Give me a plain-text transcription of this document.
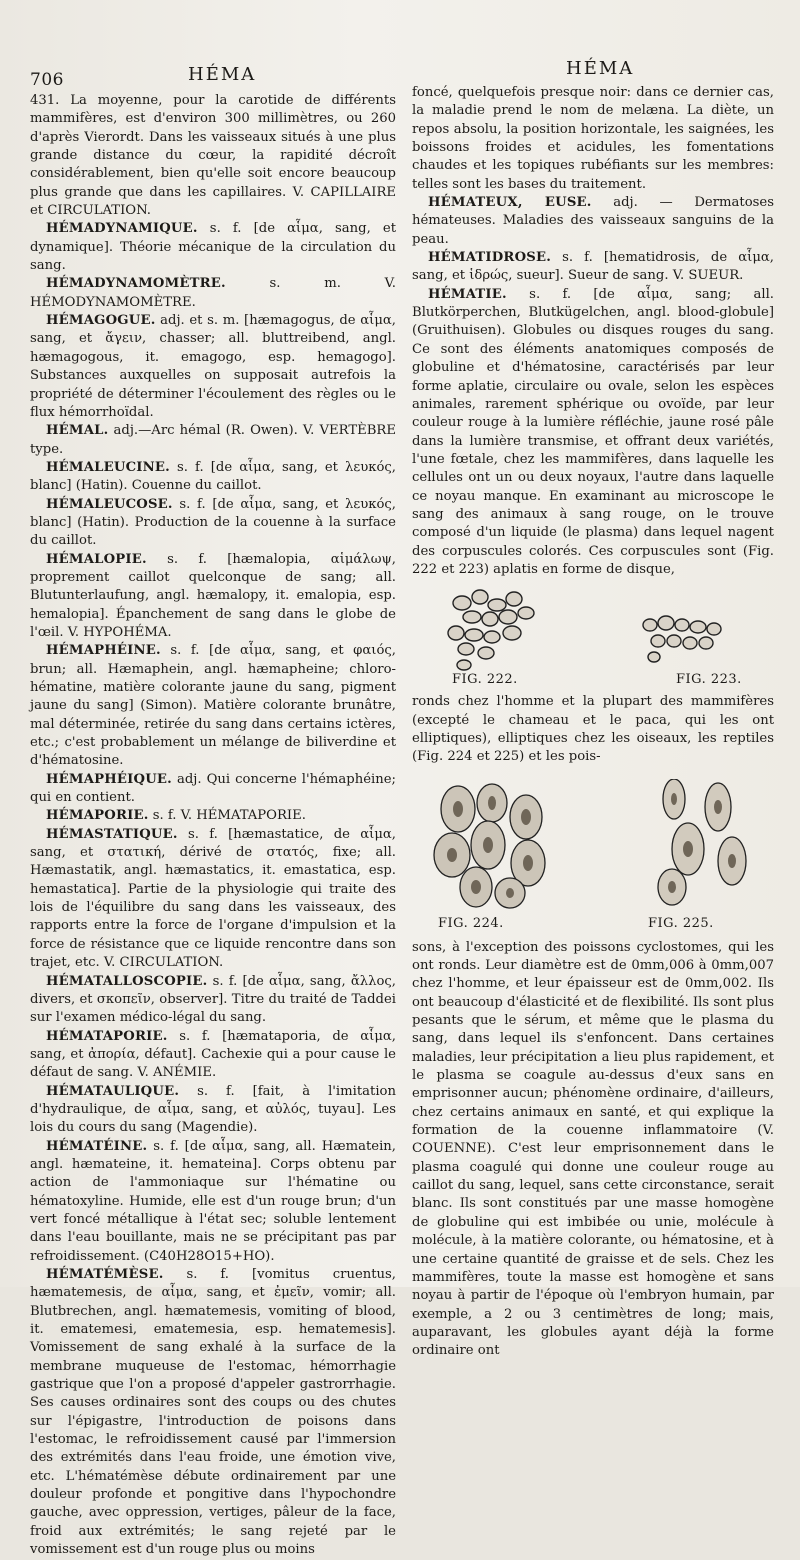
706	HÉMA	HÉMA

431. La moyenne, pour la carotide de différents mammifères, est d'environ 300 millimètres, ou 260 d'après Vierordt. Dans les vaisseaux situés à une plus grande distance du cœur, la rapidité décroît considérablement, bien qu'elle soit encore beaucoup plus grande que dans les capillaires. V. CAPILLAIRE et CIRCULATION.

HÉMADYNAMIQUE. s. f. [de αἷμα, sang, et dynamique]. Théorie mécanique de la circulation du sang.

HÉMADYNAMOMÈTRE. s. m. V. HÉMODYNAMOMÈTRE.

HÉMAGOGUE. adj. et s. m. [hæmagogus, de αἷμα, sang, et ἄγειν, chasser; all. bluttreibend, angl. hæmagogous, it. emagogo, esp. hemagogo]. Substances auxquelles on supposait autrefois la propriété de déterminer l'écoulement des règles ou le flux hémorrhoïdal.

HÉMAL. adj.—Arc hémal (R. Owen). V. VERTÈBRE type.

HÉMALEUCINE. s. f. [de αἷμα, sang, et λευκός, blanc] (Hatin). Couenne du caillot.

HÉMALEUCOSE. s. f. [de αἷμα, sang, et λευκός, blanc] (Hatin). Production de la couenne à la surface du caillot.

HÉMALOPIE. s. f. [hæmalopia, αἱμάλωψ, proprement caillot quelconque de sang; all. Blutunterlaufung, angl. hæmalopy, it. emalopia, esp. hemalopia]. Épanchement de sang dans le globe de l'œil. V. HYPOHÉMA.

HÉMAPHÉINE. s. f. [de αἷμα, sang, et φαιός, brun; all. Hæmaphein, angl. hæmapheine; chloro-hématine, matière colorante jaune du sang, pigment jaune du sang] (Simon). Matière colorante brunâtre, mal déterminée, retirée du sang dans certains ictères, etc.; c'est probablement un mélange de biliverdine et d'hématosine.

HÉMAPHÉIQUE. adj. Qui concerne l'hémaphéine; qui en contient.

HÉMAPORIE. s. f. V. HÉMATAPORIE.

HÉMASTATIQUE. s. f. [hæmastatice, de αἷμα, sang, et στατική, dérivé de στατός, fixe; all. Hæmastatik, angl. hæmastatics, it. emastatica, esp. hemastatica]. Partie de la physiologie qui traite des lois de l'équilibre du sang dans les vaisseaux, des rapports entre la force de l'organe d'impulsion et la force de résistance que ce liquide rencontre dans son trajet, etc. V. CIRCULATION.

HÉMATALLOSCOPIE. s. f. [de αἷμα, sang, ἄλλος, divers, et σκοπεῖν, observer]. Titre du traité de Taddei sur l'examen médico-légal du sang.

HÉMATAPORIE. s. f. [hæmataporia, de αἷμα, sang, et ἀπορία, défaut]. Cachexie qui a pour cause le défaut de sang. V. ANÉMIE.

HÉMATAULIQUE. s. f. [fait, à l'imitation d'hydraulique, de αἷμα, sang, et αὐλός, tuyau]. Les lois du cours du sang (Magendie).

HÉMATÉINE. s. f. [de αἷμα, sang, all. Hæmatein, angl. hæmateine, it. hemateina]. Corps obtenu par action de l'ammoniaque sur l'hématine ou hématoxyline. Humide, elle est d'un rouge brun; d'un vert foncé métallique à l'état sec; soluble lentement dans l'eau bouillante, mais ne se précipitant pas par refroidissement. (C40H28O15+HO).

HÉMATÉMÈSE. s. f. [vomitus cruentus, hæmatemesis, de αἷμα, sang, et ἐμεῖν, vomir; all. Blutbrechen, angl. hæmatemesis, vomiting of blood, it. ematemesi, ematemesia, esp. hematemesis]. Vomissement de sang exhalé à la surface de la membrane muqueuse de l'estomac, hémorrhagie gastrique que l'on a proposé d'appeler gastrorrhagie. Ses causes ordinaires sont des coups ou des chutes sur l'épigastre, l'introduction de poisons dans l'estomac, le refroidissement causé par l'immersion des extrémités dans l'eau froide, une émotion vive, etc. L'hématémèse débute ordinairement par une douleur profonde et pongitive dans l'hypochondre gauche, avec oppression, vertiges, pâleur de la face, froid aux extrémités; le sang rejeté par le vomissement est d'un rouge plus ou moins

foncé, quelquefois presque noir: dans ce dernier cas, la maladie prend le nom de melæna. La diète, un repos absolu, la position horizontale, les saignées, les boissons froides et acidules, les fomentations chaudes et les topiques rubéfiants sur les membres: telles sont les bases du traitement.

HÉMATEUX, EUSE. adj. — Dermatoses hémateuses. Maladies des vaisseaux sanguins de la peau.

HÉMATIDROSE. s. f. [hematidrosis, de αἷμα, sang, et ἱδρώς, sueur]. Sueur de sang. V. SUEUR.

HÉMATIE. s. f. [de αἷμα, sang; all. Blutkörperchen, Blutkügelchen, angl. blood-globule] (Gruithuisen). Globules ou disques rouges du sang. Ce sont des éléments anatomiques composés de globuline et d'hématosine, caractérisés par leur forme aplatie, circulaire ou ovale, selon les espèces animales, rarement sphérique ou ovoïde, par leur couleur rouge à la lumière réfléchie, jaune rosé pâle dans la lumière transmise, et offrant deux variétés, l'une fœtale, chez les mammifères, dans laquelle les cellules ont un ou deux noyaux, l'autre dans laquelle ce noyau manque. En examinant au microscope le sang des animaux à sang rouge, on le trouve composé d'un liquide (le plasma) dans lequel nagent des corpuscules colorés. Ces corpuscules sont (Fig. 222 et 223) aplatis en forme de disque,

FIG. 222.	FIG. 223.

ronds chez l'homme et la plupart des mammifères (excepté le chameau et le paca, qui les ont elliptiques), elliptiques chez les oiseaux, les reptiles (Fig. 224 et 225) et les pois-

FIG. 224.	FIG. 225.

sons, à l'exception des poissons cyclostomes, qui les ont ronds. Leur diamètre est de 0mm,006 à 0mm,007 chez l'homme, et leur épaisseur est de 0mm,002. Ils ont beaucoup d'élasticité et de flexibilité. Ils sont plus pesants que le sérum, et même que le plasma du sang, dans lequel ils s'enfoncent. Dans certaines maladies, leur précipitation a lieu plus rapidement, et le plasma se coagule au-dessus d'eux sans en emprisonner aucun; phénomène ordinaire, d'ailleurs, chez certains animaux en santé, et qui explique la formation de la couenne inflammatoire (V. COUENNE). C'est leur emprisonnement dans le plasma coagulé qui donne une couleur rouge au caillot du sang, lequel, sans cette circonstance, serait blanc. Ils sont constitués par une masse homogène de globuline qui est imbibée ou unie, molécule à molécule, à la matière colorante, ou hématosine, et à une certaine quantité de graisse et de sels. Chez les mammifères, toute la masse est homogène et sans noyau à partir de l'époque où l'embryon humain, par exemple, a 2 ou 3 centimètres de long; mais, auparavant, les globules ayant déjà la forme ordinaire ont
